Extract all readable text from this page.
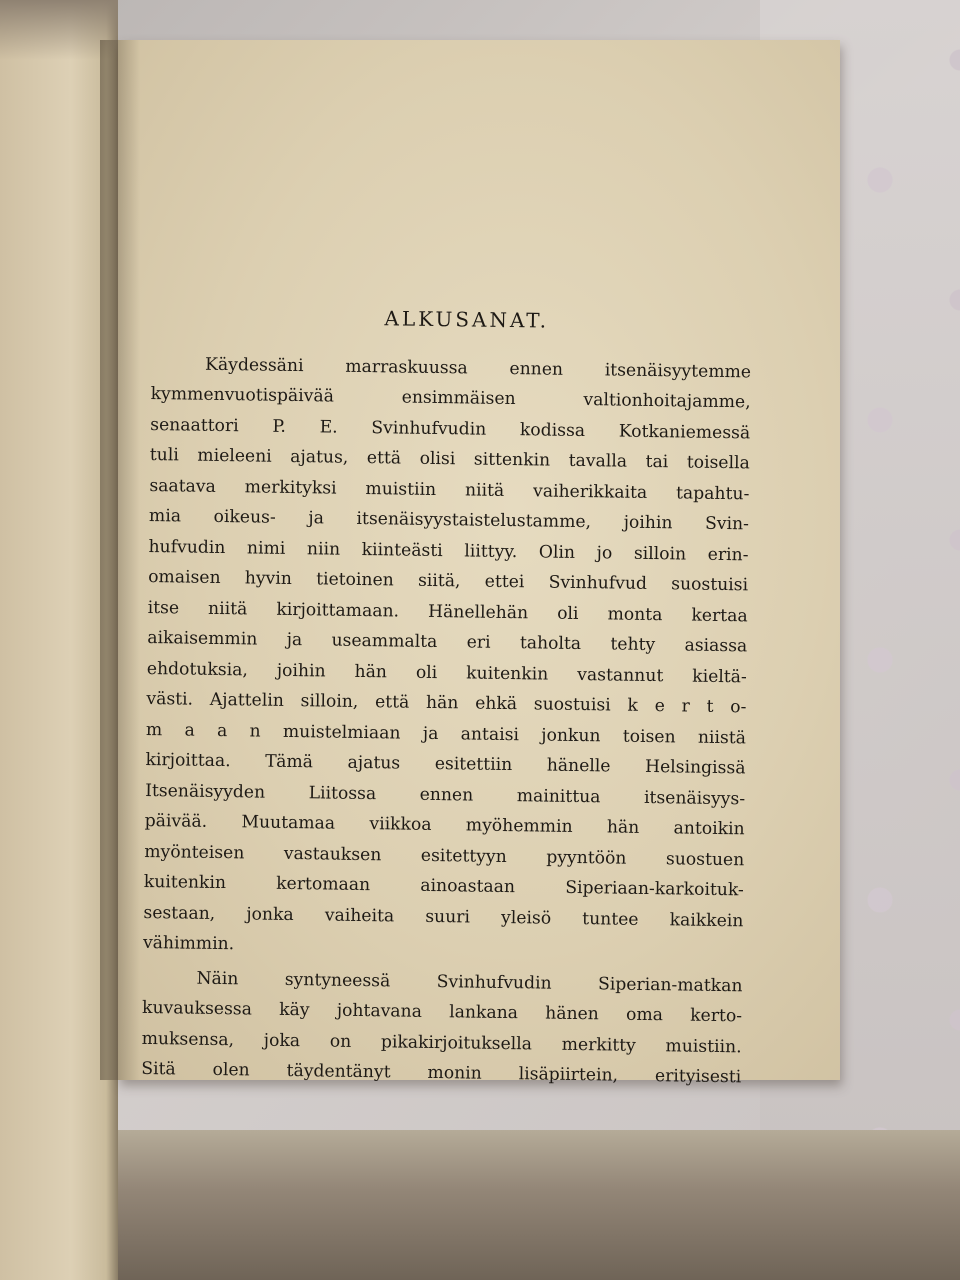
ALKUSANAT.
Käydessäni marraskuussa ennen itsenäisyytemme
kymmenvuotispäivää ensimmäisen valtionhoitajamme,
senaattori P. E. Svinhufvudin kodissa Kotkaniemessä
tuli mieleeni ajatus, että olisi sittenkin tavalla tai toisella
saatava merkityksi muistiin niitä vaiherikkaita tapahtu-
mia oikeus- ja itsenäisyystaistelustamme, joihin Svin-
hufvudin nimi niin kiinteästi liittyy. Olin jo silloin erin-
omaisen hyvin tietoinen siitä, ettei Svinhufvud suostuisi
itse niitä kirjoittamaan. Hänellehän oli monta kertaa
aikaisemmin ja useammalta eri taholta tehty asiassa
ehdotuksia, joihin hän oli kuitenkin vastannut kieltä-
västi. Ajattelin silloin, että hän ehkä suostuisi k e r t o-
m a a n muistelmiaan ja antaisi jonkun toisen niistä
kirjoittaa. Tämä ajatus esitettiin hänelle Helsingissä
Itsenäisyyden Liitossa ennen mainittua itsenäisyys-
päivää. Muutamaa viikkoa myöhemmin hän antoikin
myönteisen vastauksen esitettyyn pyyntöön suostuen
kuitenkin kertomaan ainoastaan Siperiaan-karkoituk-
sestaan, jonka vaiheita suuri yleisö tuntee kaikkein
vähimmin.
Näin syntyneessä Svinhufvudin Siperian-matkan
kuvauksessa käy johtavana lankana hänen oma kerto-
muksensa, joka on pikakirjoituksella merkitty muistiin.
Sitä olen täydentänyt monin lisäpiirtein, erityisesti
